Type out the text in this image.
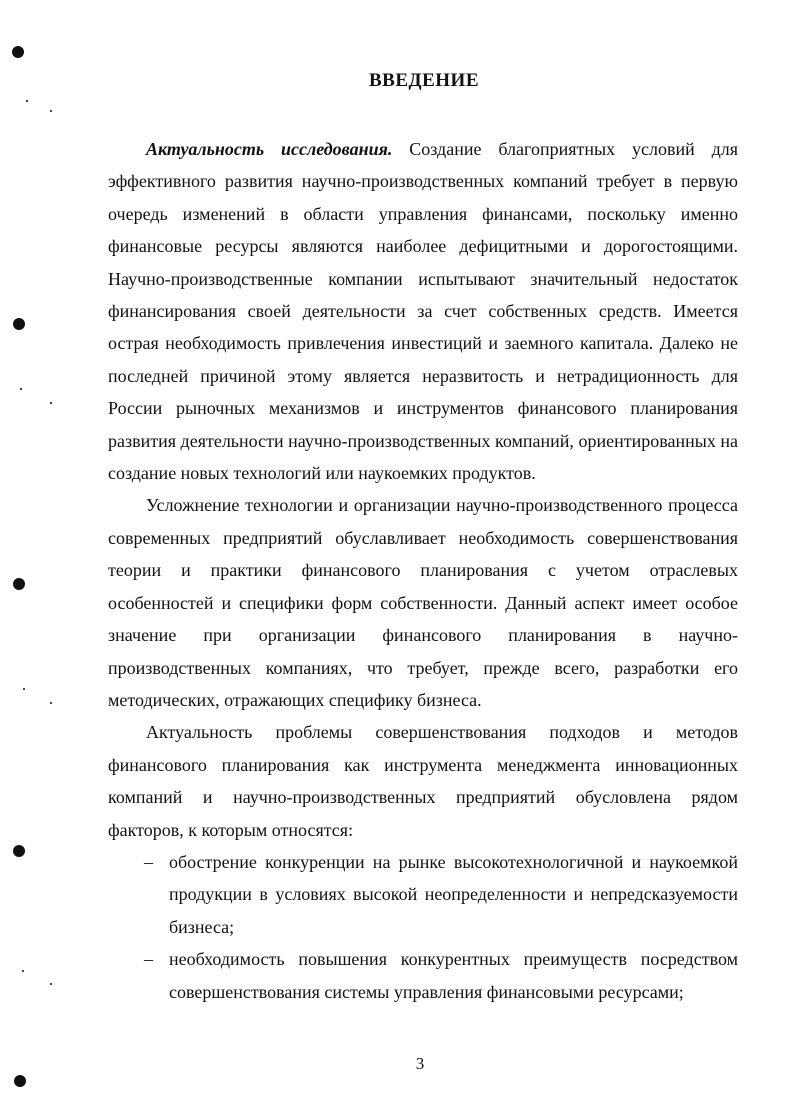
ВВЕДЕНИЕ

Актуальность исследования. Создание благоприятных условий для эффективного развития научно-производственных компаний требует в первую очередь изменений в области управления финансами, поскольку именно финансовые ресурсы являются наиболее дефицитными и дорогостоящими. Научно-производственные компании испытывают значительный недостаток финансирования своей деятельности за счет собственных средств. Имеется острая необходимость привлечения инвестиций и заемного капитала. Далеко не последней причиной этому является неразвитость и нетрадиционность для России рыночных механизмов и инструментов финансового планирования развития деятельности научно-производственных компаний, ориентированных на создание новых технологий или наукоемких продуктов.

Усложнение технологии и организации научно-производственного процесса современных предприятий обуславливает необходимость совершенствования теории и практики финансового планирования с учетом отраслевых особенностей и специфики форм собственности. Данный аспект имеет особое значение при организации финансового планирования в научно-производственных компаниях, что требует, прежде всего, разработки его методических, отражающих специфику бизнеса.

Актуальность проблемы совершенствования подходов и методов финансового планирования как инструмента менеджмента инновационных компаний и научно-производственных предприятий обусловлена рядом факторов, к которым относятся:

– обострение конкуренции на рынке высокотехнологичной и наукоемкой продукции в условиях высокой неопределенности и непредсказуемости бизнеса;
– необходимость повышения конкурентных преимуществ посредством совершенствования системы управления финансовыми ресурсами;
3
